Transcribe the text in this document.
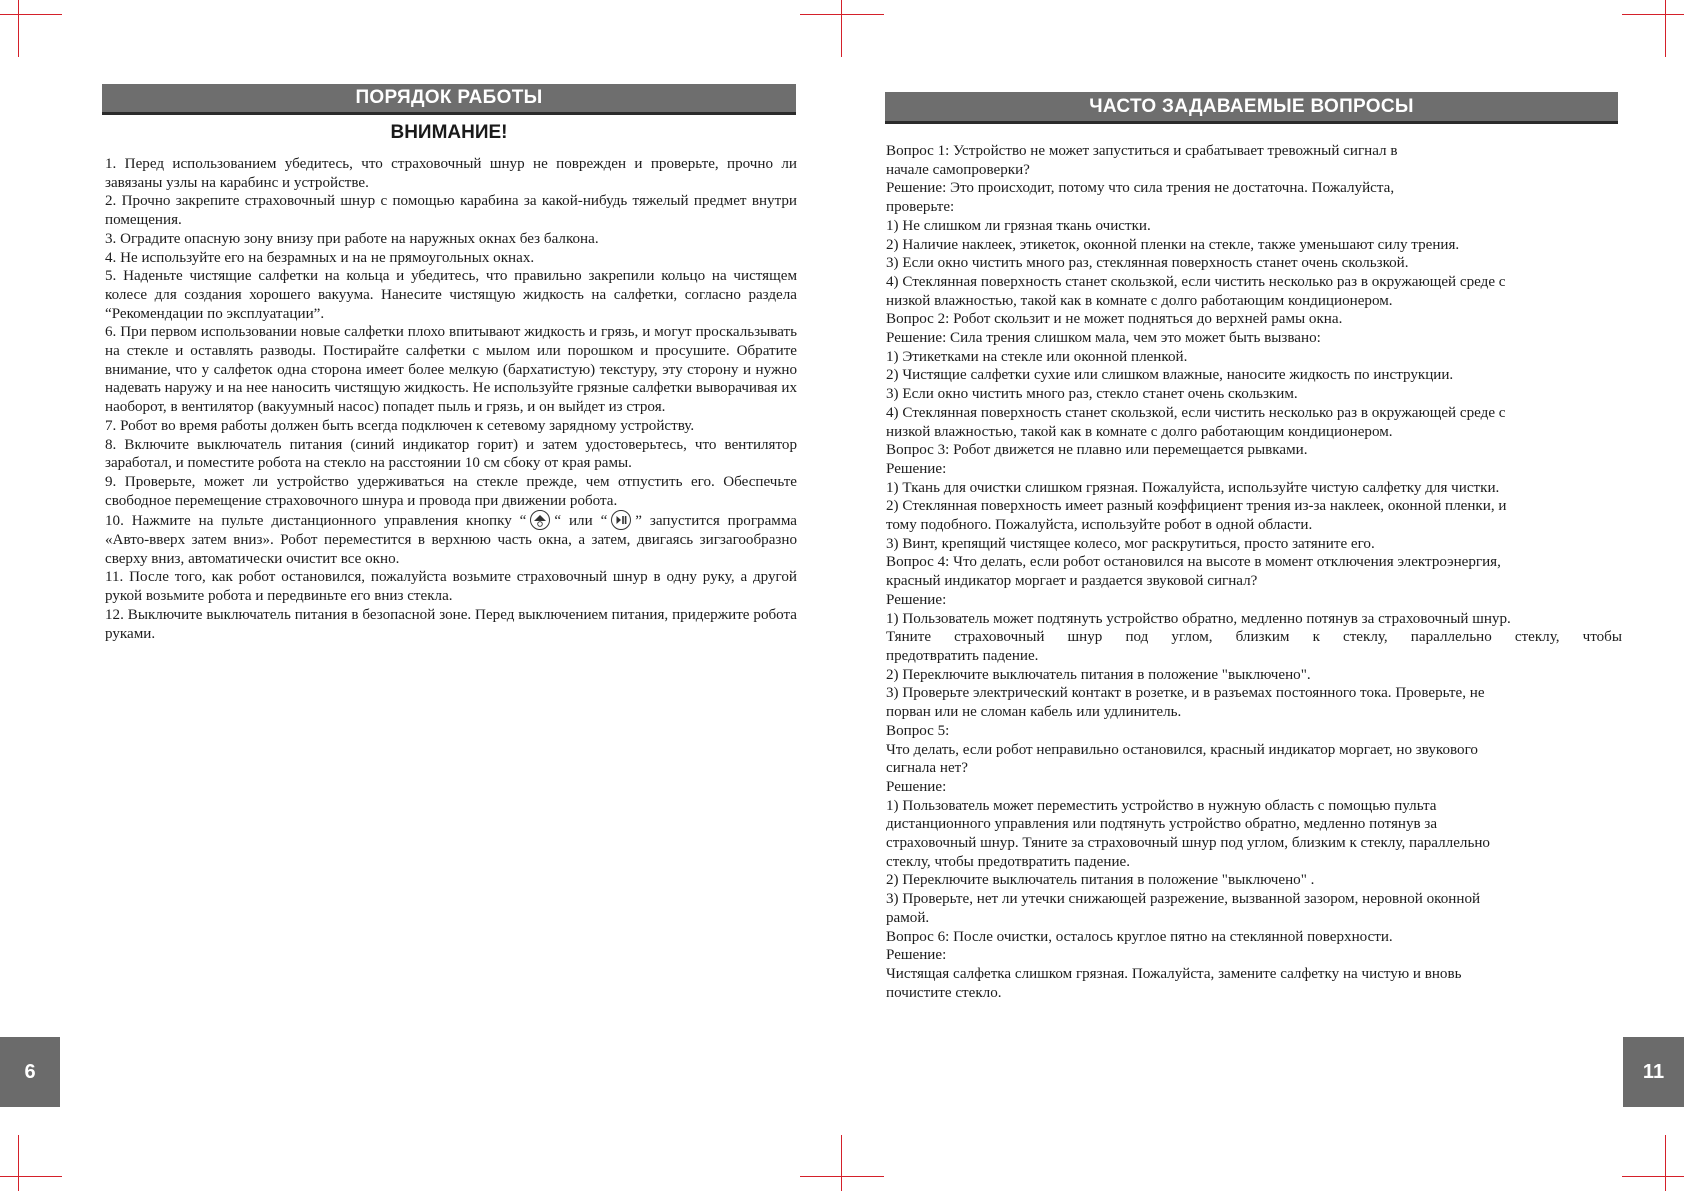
ПОРЯДОК РАБОТЫ
ВНИМАНИЕ!

1. Перед использованием убедитесь, что страховочный шнур не поврежден и проверьте, прочно ли завязаны узлы на карабинс и устройстве.

2. Прочно закрепите страховочный шнур с помощью карабина за какой-нибудь тяжелый предмет внутри помещения.

3. Оградите опасную зону внизу при работе на наружных окнах без балкона.

4. Не используйте его на безрамных и на не прямоугольных окнах.

5. Наденьте чистящие салфетки на кольца и убедитесь, что правильно закрепили кольцо на чистящем колесе для создания хорошего вакуума. Нанесите чистящую жидкость на салфетки, согласно раздела “Рекомендации по эксплуатации”.

6. При первом использовании новые салфетки плохо впитывают жидкость и грязь, и могут проскальзывать на стекле и оставлять разводы. Постирайте салфетки с мылом или порошком и просушите. Обратите внимание, что у салфеток одна сторона имеет более мелкую (бархатистую) текстуру, эту сторону и нужно надевать наружу и на нее наносить чистящую жидкость. Не используйте грязные салфетки выворачивая их наоборот, в вентилятор (вакуумный насос) попадет пыль и грязь, и он выйдет из строя.

7. Робот во время работы должен быть всегда подключен к сетевому зарядному устройству.

8. Включите выключатель питания (синий индикатор горит) и затем удостоверьтесь, что вентилятор заработал, и поместите робота на стекло на расстоянии 10 см сбоку от края рамы.

9. Проверьте, может ли устройство удерживаться на стекле прежде, чем отпустить его. Обеспечьте свободное перемещение страховочного шнура и провода при движении робота.

10. Нажмите на пульте дистанционного управления кнопку “ “ или “ ” запустится программа «Авто-вверх затем вниз». Робот переместится в верхнюю часть окна, а затем, двигаясь зигзагообразно сверху вниз, автоматически очистит все окно.

11. После того, как робот остановился, пожалуйста возьмите страховочный шнур в одну руку, а другой рукой возьмите робота и передвиньте его вниз стекла.

12. Выключите выключатель питания в безопасной зоне. Перед выключением питания, придержите робота руками.

6
ЧАСТО ЗАДАВАЕМЫЕ ВОПРОСЫ

Вопрос 1: Устройство не может запуститься и срабатывает тревожный сигнал в

начале самопроверки?

Решение: Это происходит, потому что сила трения не достаточна. Пожалуйста,

проверьте:

1) Не слишком ли грязная ткань очистки.

2) Наличие наклеек, этикеток, оконной пленки на стекле, также уменьшают силу трения.

3) Если окно чистить много раз, стеклянная поверхность станет очень скользкой.

4) Стеклянная поверхность станет скользкой, если чистить несколько раз в окружающей среде с

низкой влажностью, такой как в комнате с долго работающим кондиционером.

Вопрос 2: Робот скользит и не может подняться до верхней рамы окна.

Решение: Сила трения слишком мала, чем это может быть вызвано:

1) Этикетками на стекле или оконной пленкой.

2) Чистящие салфетки сухие или слишком влажные, наносите жидкость по инструкции.

3) Если окно чистить много раз, стекло станет очень скользким.

4) Стеклянная поверхность станет скользкой, если чистить несколько раз в окружающей среде с

низкой влажностью, такой как в комнате с долго работающим кондиционером.

Вопрос 3: Робот движется не плавно или перемещается рывками.

Решение:

1) Ткань для очистки слишком грязная. Пожалуйста, используйте чистую салфетку для чистки.

2) Стеклянная поверхность имеет разный коэффициент трения из-за наклеек, оконной пленки, и

тому подобного. Пожалуйста, используйте робот в одной области.

3) Винт, крепящий чистящее колесо, мог раскрутиться, просто затяните его.

Вопрос 4: Что делать, если робот остановился на высоте в момент отключения электроэнергия,

красный индикатор моргает и раздается звуковой сигнал?

Решение:

1) Пользователь может подтянуть устройство обратно, медленно потянув за страховочный шнур.

Тяните страховочный шнур под углом, близким к стеклу, параллельно стеклу, чтобы

предотвратить падение.

2) Переключите выключатель питания в положение "выключено".

3) Проверьте электрический контакт в розетке, и в разъемах постоянного тока. Проверьте, не

порван или не сломан кабель или удлинитель.

Вопрос 5:

Что делать, если робот неправильно остановился, красный индикатор моргает, но звукового

сигнала нет?

Решение:

1) Пользователь может переместить устройство в нужную область с помощью пульта

дистанционного управления или подтянуть устройство обратно, медленно потянув за

страховочный шнур. Тяните за страховочный шнур под углом, близким к стеклу, параллельно

стеклу, чтобы предотвратить падение.

2) Переключите выключатель питания в положение "выключено" .

3) Проверьте, нет ли утечки снижающей разрежение, вызванной зазором, неровной оконной

рамой.

Вопрос 6: После очистки, осталось круглое пятно на стеклянной поверхности.

Решение:

Чистящая салфетка слишком грязная. Пожалуйста, замените салфетку на чистую и вновь

почистите стекло.

11
